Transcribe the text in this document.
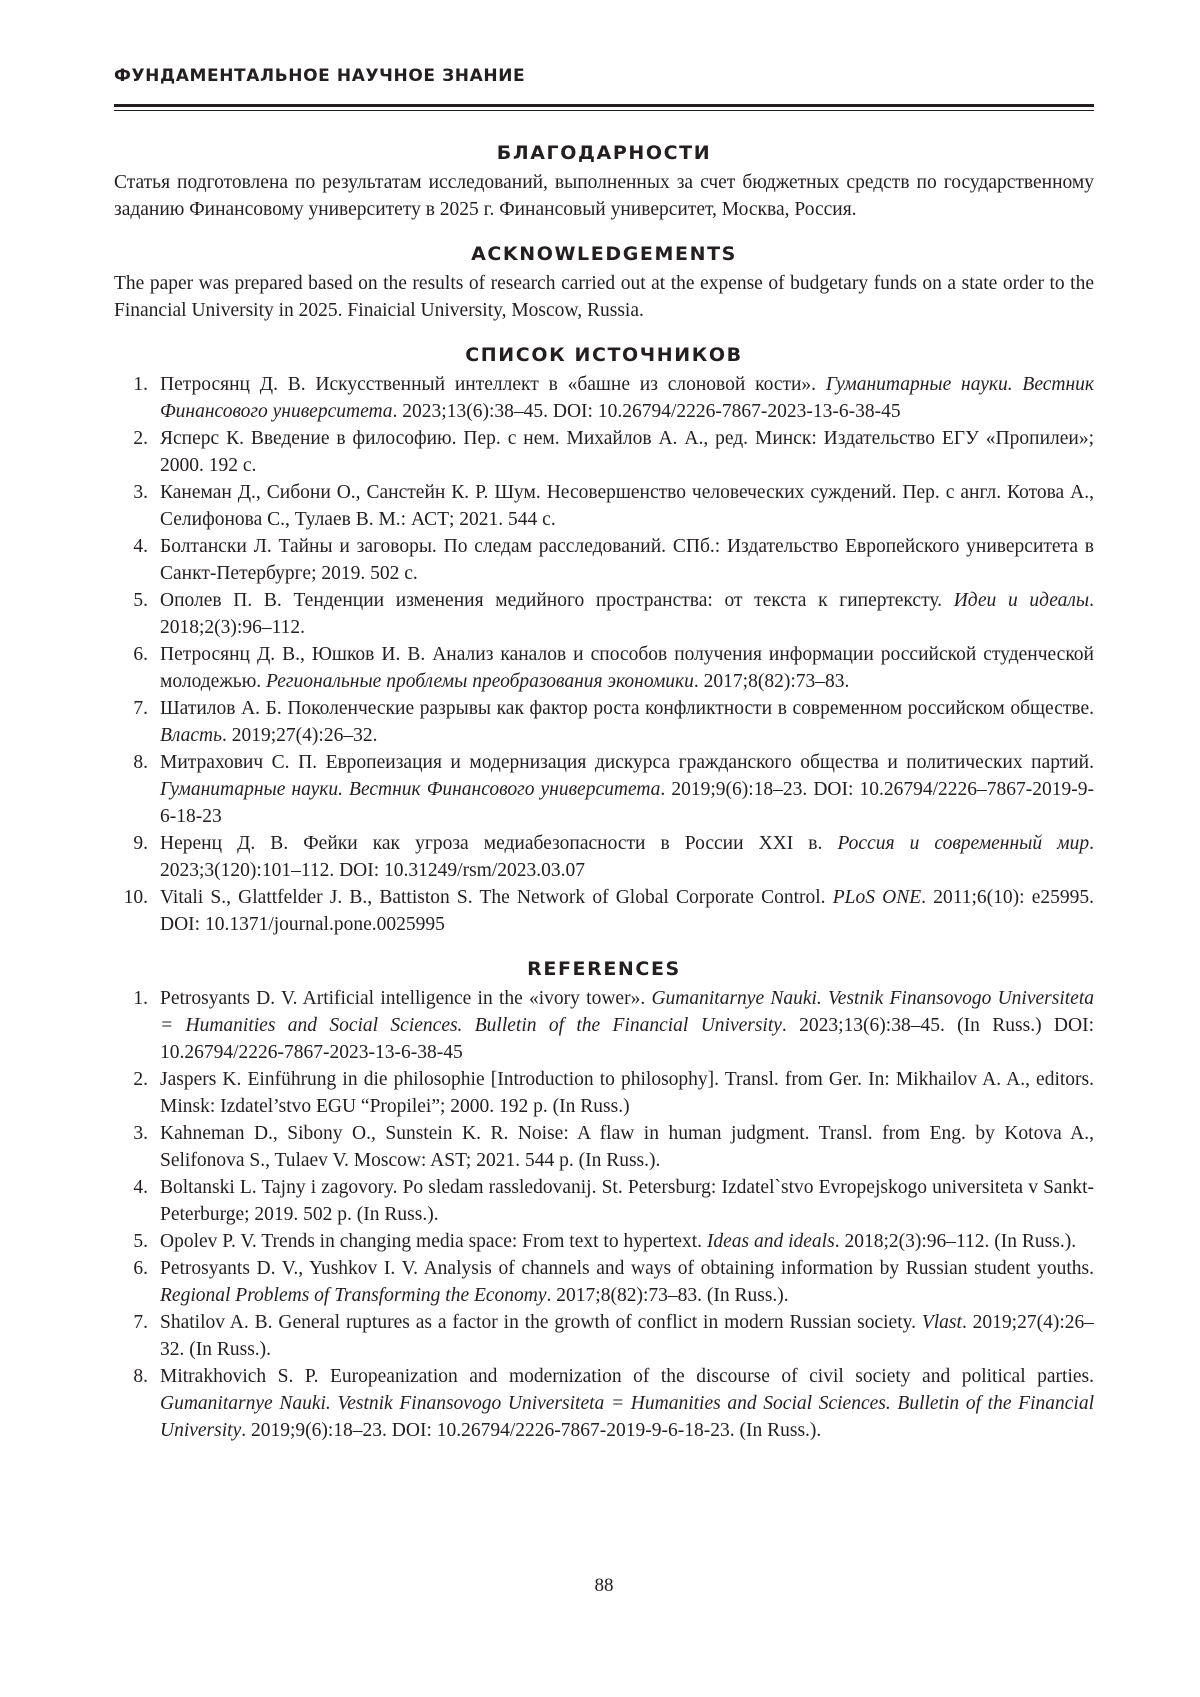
ФУНДАМЕНТАЛЬНОЕ НАУЧНОЕ ЗНАНИЕ
БЛАГОДАРНОСТИ

Статья подготовлена по результатам исследований, выполненных за счет бюджетных средств по государственному заданию Финансовому университету в 2025 г. Финансовый университет, Москва, Россия.

ACKNOWLEDGEMENTS

The paper was prepared based on the results of research carried out at the expense of budgetary funds on a state order to the Financial University in 2025. Finaicial University, Moscow, Russia.

СПИСОК ИСТОЧНИКОВ
1. Петросянц Д. В. Искусственный интеллект в «башне из слоновой кости». Гуманитарные науки. Вестник Финансового университета. 2023;13(6):38–45. DOI: 10.26794/2226-7867-2023-13-6-38-45
2. Ясперс К. Введение в философию. Пер. с нем. Михайлов А. А., ред. Минск: Издательство ЕГУ «Пропилеи»; 2000. 192 с.
3. Канеман Д., Сибони О., Санстейн К. Р. Шум. Несовершенство человеческих суждений. Пер. с англ. Котова А., Селифонова С., Тулаев В. М.: АСТ; 2021. 544 с.
4. Болтански Л. Тайны и заговоры. По следам расследований. СПб.: Издательство Европейского университета в Санкт-Петербурге; 2019. 502 с.
5. Ополев П. В. Тенденции изменения медийного пространства: от текста к гипертексту. Идеи и идеалы. 2018;2(3):96–112.
6. Петросянц Д. В., Юшков И. В. Анализ каналов и способов получения информации российской студенческой молодежью. Региональные проблемы преобразования экономики. 2017;8(82):73–83.
7. Шатилов А. Б. Поколенческие разрывы как фактор роста конфликтности в современном российском обществе. Власть. 2019;27(4):26–32.
8. Митрахович С. П. Европеизация и модернизация дискурса гражданского общества и политических партий. Гуманитарные науки. Вестник Финансового университета. 2019;9(6):18–23. DOI: 10.26794/2226–7867-2019-9-6-18-23
9. Неренц Д. В. Фейки как угроза медиабезопасности в России XXI в. Россия и современный мир. 2023;3(120):101–112. DOI: 10.31249/rsm/2023.03.07
10. Vitali S., Glattfelder J. B., Battiston S. The Network of Global Corporate Control. PLoS ONE. 2011;6(10): e25995. DOI: 10.1371/journal.pone.0025995
REFERENCES
1. Petrosyants D. V. Artificial intelligence in the «ivory tower». Gumanitarnye Nauki. Vestnik Finansovogo Universiteta = Humanities and Social Sciences. Bulletin of the Financial University. 2023;13(6):38–45. (In Russ.) DOI: 10.26794/2226-7867-2023-13-6-38-45
2. Jaspers K. Einführung in die philosophie [Introduction to philosophy]. Transl. from Ger. In: Mikhailov A. A., editors. Minsk: Izdatel’stvo EGU “Propilei”; 2000. 192 p. (In Russ.)
3. Kahneman D., Sibony O., Sunstein K. R. Noise: A flaw in human judgment. Transl. from Eng. by Kotova A., Selifonova S., Tulaev V. Moscow: AST; 2021. 544 p. (In Russ.).
4. Boltanski L. Tajny i zagovory. Po sledam rassledovanij. St. Petersburg: Izdatel`stvo Evropejskogo universiteta v Sankt-Peterburge; 2019. 502 p. (In Russ.).
5. Opolev P. V. Trends in changing media space: From text to hypertext. Ideas and ideals. 2018;2(3):96–112. (In Russ.).
6. Petrosyants D. V., Yushkov I. V. Analysis of channels and ways of obtaining information by Russian student youths. Regional Problems of Transforming the Economy. 2017;8(82):73–83. (In Russ.).
7. Shatilov A. B. General ruptures as a factor in the growth of conflict in modern Russian society. Vlast. 2019;27(4):26–32. (In Russ.).
8. Mitrakhovich S. P. Europeanization and modernization of the discourse of civil society and political parties. Gumanitarnye Nauki. Vestnik Finansovogo Universiteta = Humanities and Social Sciences. Bulletin of the Financial University. 2019;9(6):18–23. DOI: 10.26794/2226-7867-2019-9-6-18-23. (In Russ.).
88
